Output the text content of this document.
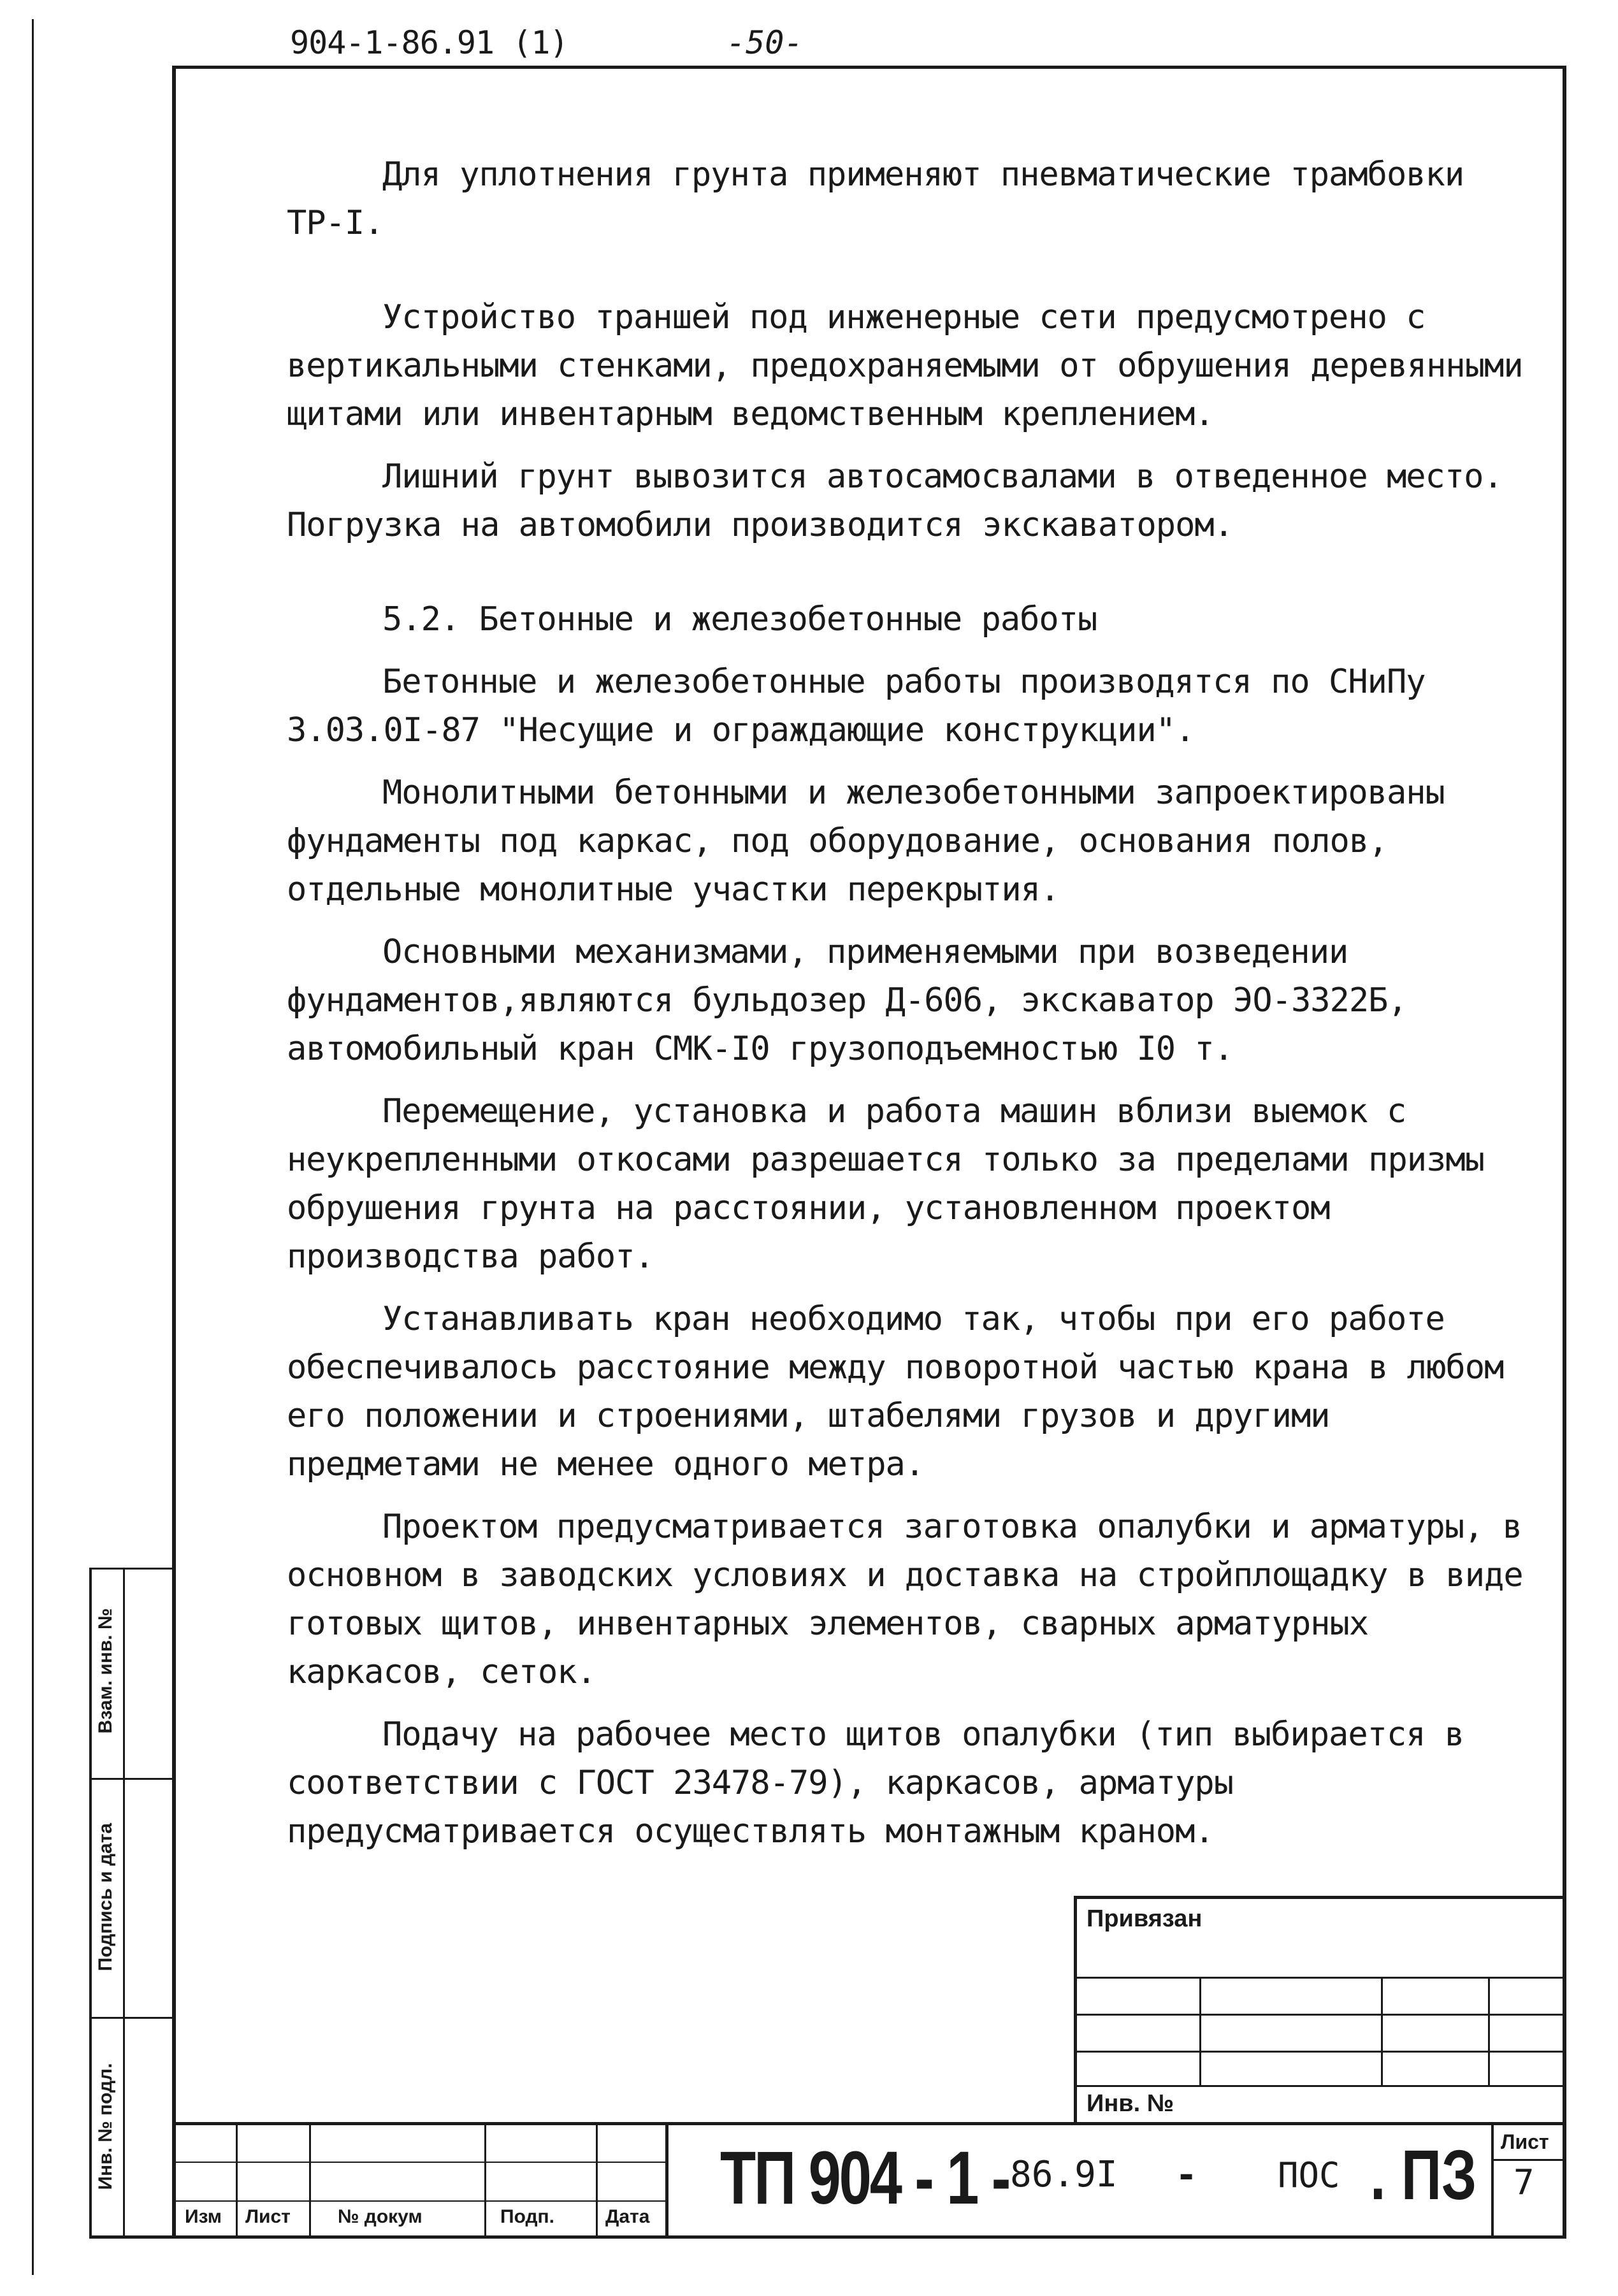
904-1-86.91 (1)	-50-

Для уплотнения грунта применяют пневматические трамбовки ТР-I.

Устройство траншей под инженерные сети предусмотрено с вертикальными стенками, предохраняемыми от обрушения деревянными щитами или инвентарным ведомственным креплением.

Лишний грунт вывозится автосамосвалами в отведенное место. Погрузка на автомобили производится экскаватором.

5.2. Бетонные и железобетонные работы

Бетонные и железобетонные работы производятся по СНиПу 3.03.0I-87 "Несущие и ограждающие конструкции".

Монолитными бетонными и железобетонными запроектированы фундаменты под каркас, под оборудование, основания полов, отдельные монолитные участки перекрытия.

Основными механизмами, применяемыми при возведении фундаментов,являются бульдозер Д-606, экскаватор ЭО-3322Б, автомобильный кран СМК-I0 грузоподъемностью I0 т.

Перемещение, установка и работа машин вблизи выемок с неукрепленными откосами разрешается только за пределами призмы обрушения грунта на расстоянии, установленном проектом производства работ.

Устанавливать кран необходимо так, чтобы при его работе обеспечивалось расстояние между поворотной частью крана в любом его положении и строениями, штабелями грузов и другими предметами не менее одного метра.

Проектом предусматривается заготовка опалубки и арматуры, в основном в заводских условиях и доставка на стройплощадку в виде готовых щитов, инвентарных элементов, сварных арматурных каркасов, сеток.

Подачу на рабочее место щитов опалубки (тип выбирается в соответствии с ГОСТ 23478-79), каркасов, арматуры предусматривается осуществлять монтажным краном.

Взам. инв. №
Подпись и дата
Инв. № подл.
Привязан
Инв. №
Изм Лист № докум	Подп.	Дата ТП 904 - 1 - 86.9I - ПОС . ПЗ Лист
7
